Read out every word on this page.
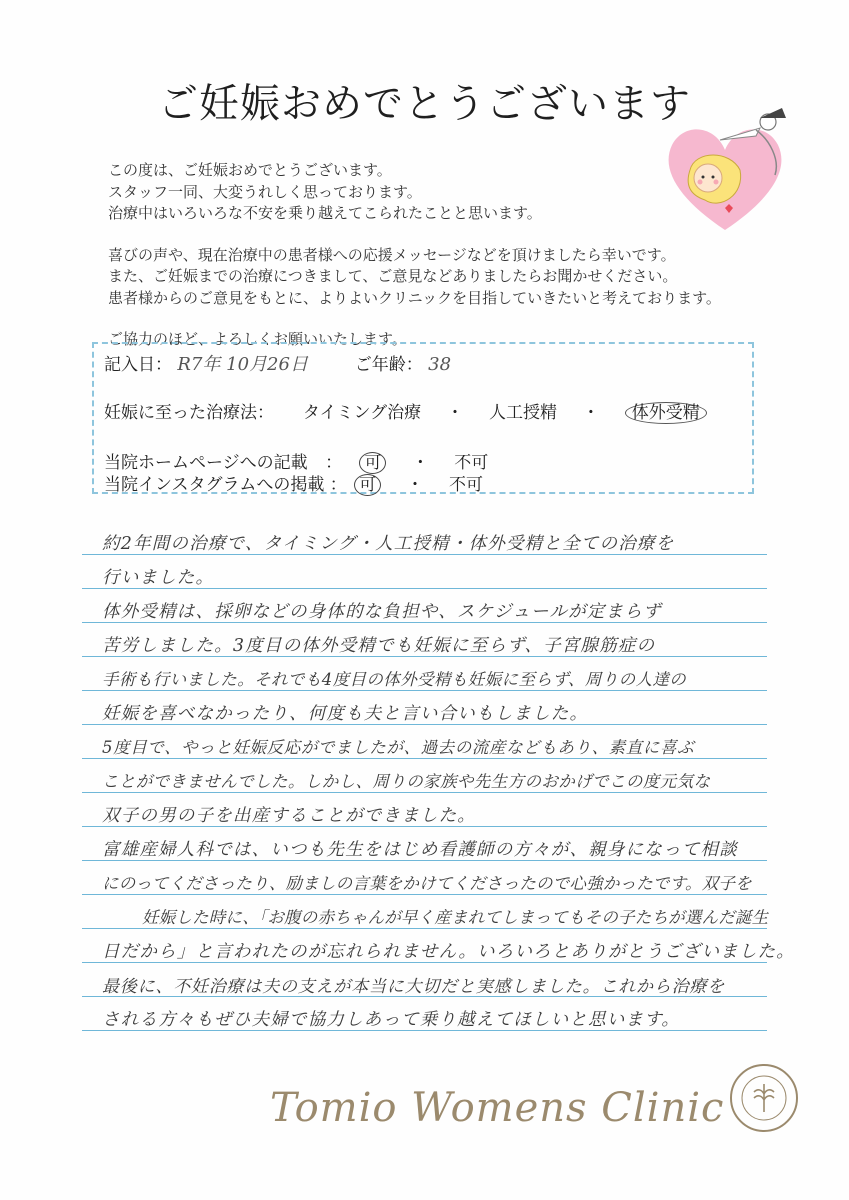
ご妊娠おめでとうございます

この度は、ご妊娠おめでとうございます。
スタッフ一同、大変うれしく思っております。
治療中はいろいろな不安を乗り越えてこられたことと思います。

喜びの声や、現在治療中の患者様への応援メッセージなどを頂けましたら幸いです。
また、ご妊娠までの治療につきまして、ご意見などありましたらお聞かせください。
患者様からのご意見をもとに、よりよいクリニックを目指していきたいと考えております。

ご協力のほど、よろしくお願いいたします。

記入日： R7年 10月26日	ご年齢： 38
妊娠に至った治療法： タイミング治療 ・ 人工授精 ・ 体外受精
当院ホームページへの記載 ： 可 ・ 不可
当院インスタグラムへの掲載 ： 可 ・ 不可
約2年間の治療で、タイミング・人工授精・体外受精と全ての治療を
行いました。
体外受精は、採卵などの身体的な負担や、スケジュールが定まらず
苦労しました。3度目の体外受精でも妊娠に至らず、子宮腺筋症の
手術も行いました。それでも4度目の体外受精も妊娠に至らず、周りの人達の
妊娠を喜べなかったり、何度も夫と言い合いもしました。
5度目で、やっと妊娠反応がでましたが、過去の流産などもあり、素直に喜ぶ
ことができませんでした。しかし、周りの家族や先生方のおかげでこの度元気な
双子の男の子を出産することができました。
富雄産婦人科では、いつも先生をはじめ看護師の方々が、親身になって相談
にのってくださったり、励ましの言葉をかけてくださったので心強かったです。双子を
妊娠した時に、「お腹の赤ちゃんが早く産まれてしまってもその子たちが選んだ誕生
日だから」と言われたのが忘れられません。いろいろとありがとうございました。
最後に、不妊治療は夫の支えが本当に大切だと実感しました。これから治療を
される方々もぜひ夫婦で協力しあって乗り越えてほしいと思います。
Tomio Womens Clinic
